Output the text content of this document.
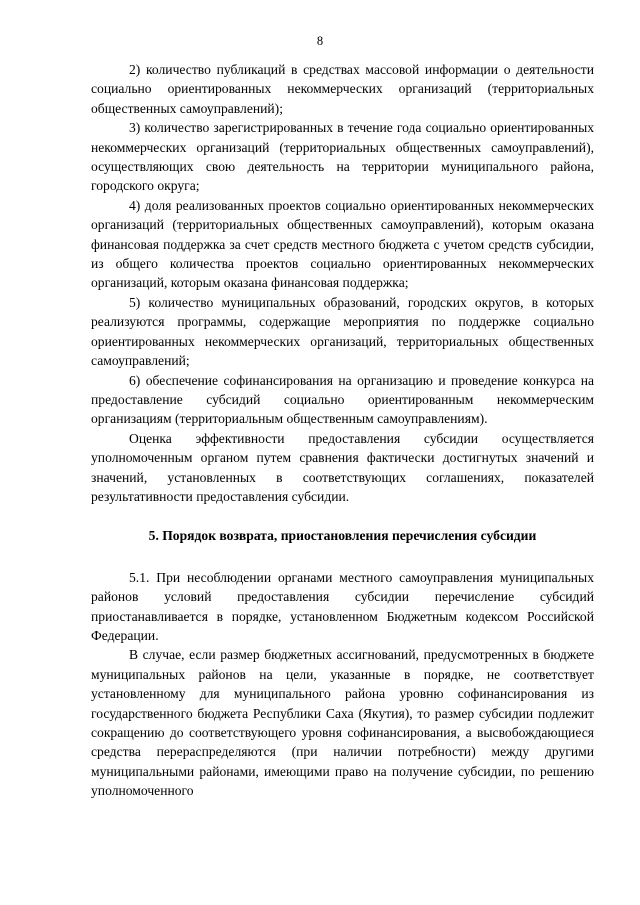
8

2) количество публикаций в средствах массовой информации о деятельности социально ориентированных некоммерческих организаций (территориальных общественных самоуправлений);

3) количество зарегистрированных в течение года социально ориентированных некоммерческих организаций (территориальных общественных самоуправлений), осуществляющих свою деятельность на территории муниципального района, городского округа;

4) доля реализованных проектов социально ориентированных некоммерческих организаций (территориальных общественных самоуправлений), которым оказана финансовая поддержка за счет средств местного бюджета с учетом средств субсидии, из общего количества проектов социально ориентированных некоммерческих организаций, которым оказана финансовая поддержка;

5) количество муниципальных образований, городских округов, в которых реализуются программы, содержащие мероприятия по поддержке социально ориентированных некоммерческих организаций, территориальных общественных самоуправлений;

6) обеспечение софинансирования на организацию и проведение конкурса на предоставление субсидий социально ориентированным некоммерческим организациям (территориальным общественным самоуправлениям).

Оценка эффективности предоставления субсидии осуществляется уполномоченным органом путем сравнения фактически достигнутых значений и значений, установленных в соответствующих соглашениях, показателей результативности предоставления субсидии.

5. Порядок возврата, приостановления перечисления субсидии

5.1. При несоблюдении органами местного самоуправления муниципальных районов условий предоставления субсидии перечисление субсидий приостанавливается в порядке, установленном Бюджетным кодексом Российской Федерации.

В случае, если размер бюджетных ассигнований, предусмотренных в бюджете муниципальных районов на цели, указанные в порядке, не соответствует установленному для муниципального района уровню софинансирования из государственного бюджета Республики Саха (Якутия), то размер субсидии подлежит сокращению до соответствующего уровня софинансирования, а высвобождающиеся средства перераспределяются (при наличии потребности) между другими муниципальными районами, имеющими право на получение субсидии, по решению уполномоченного
